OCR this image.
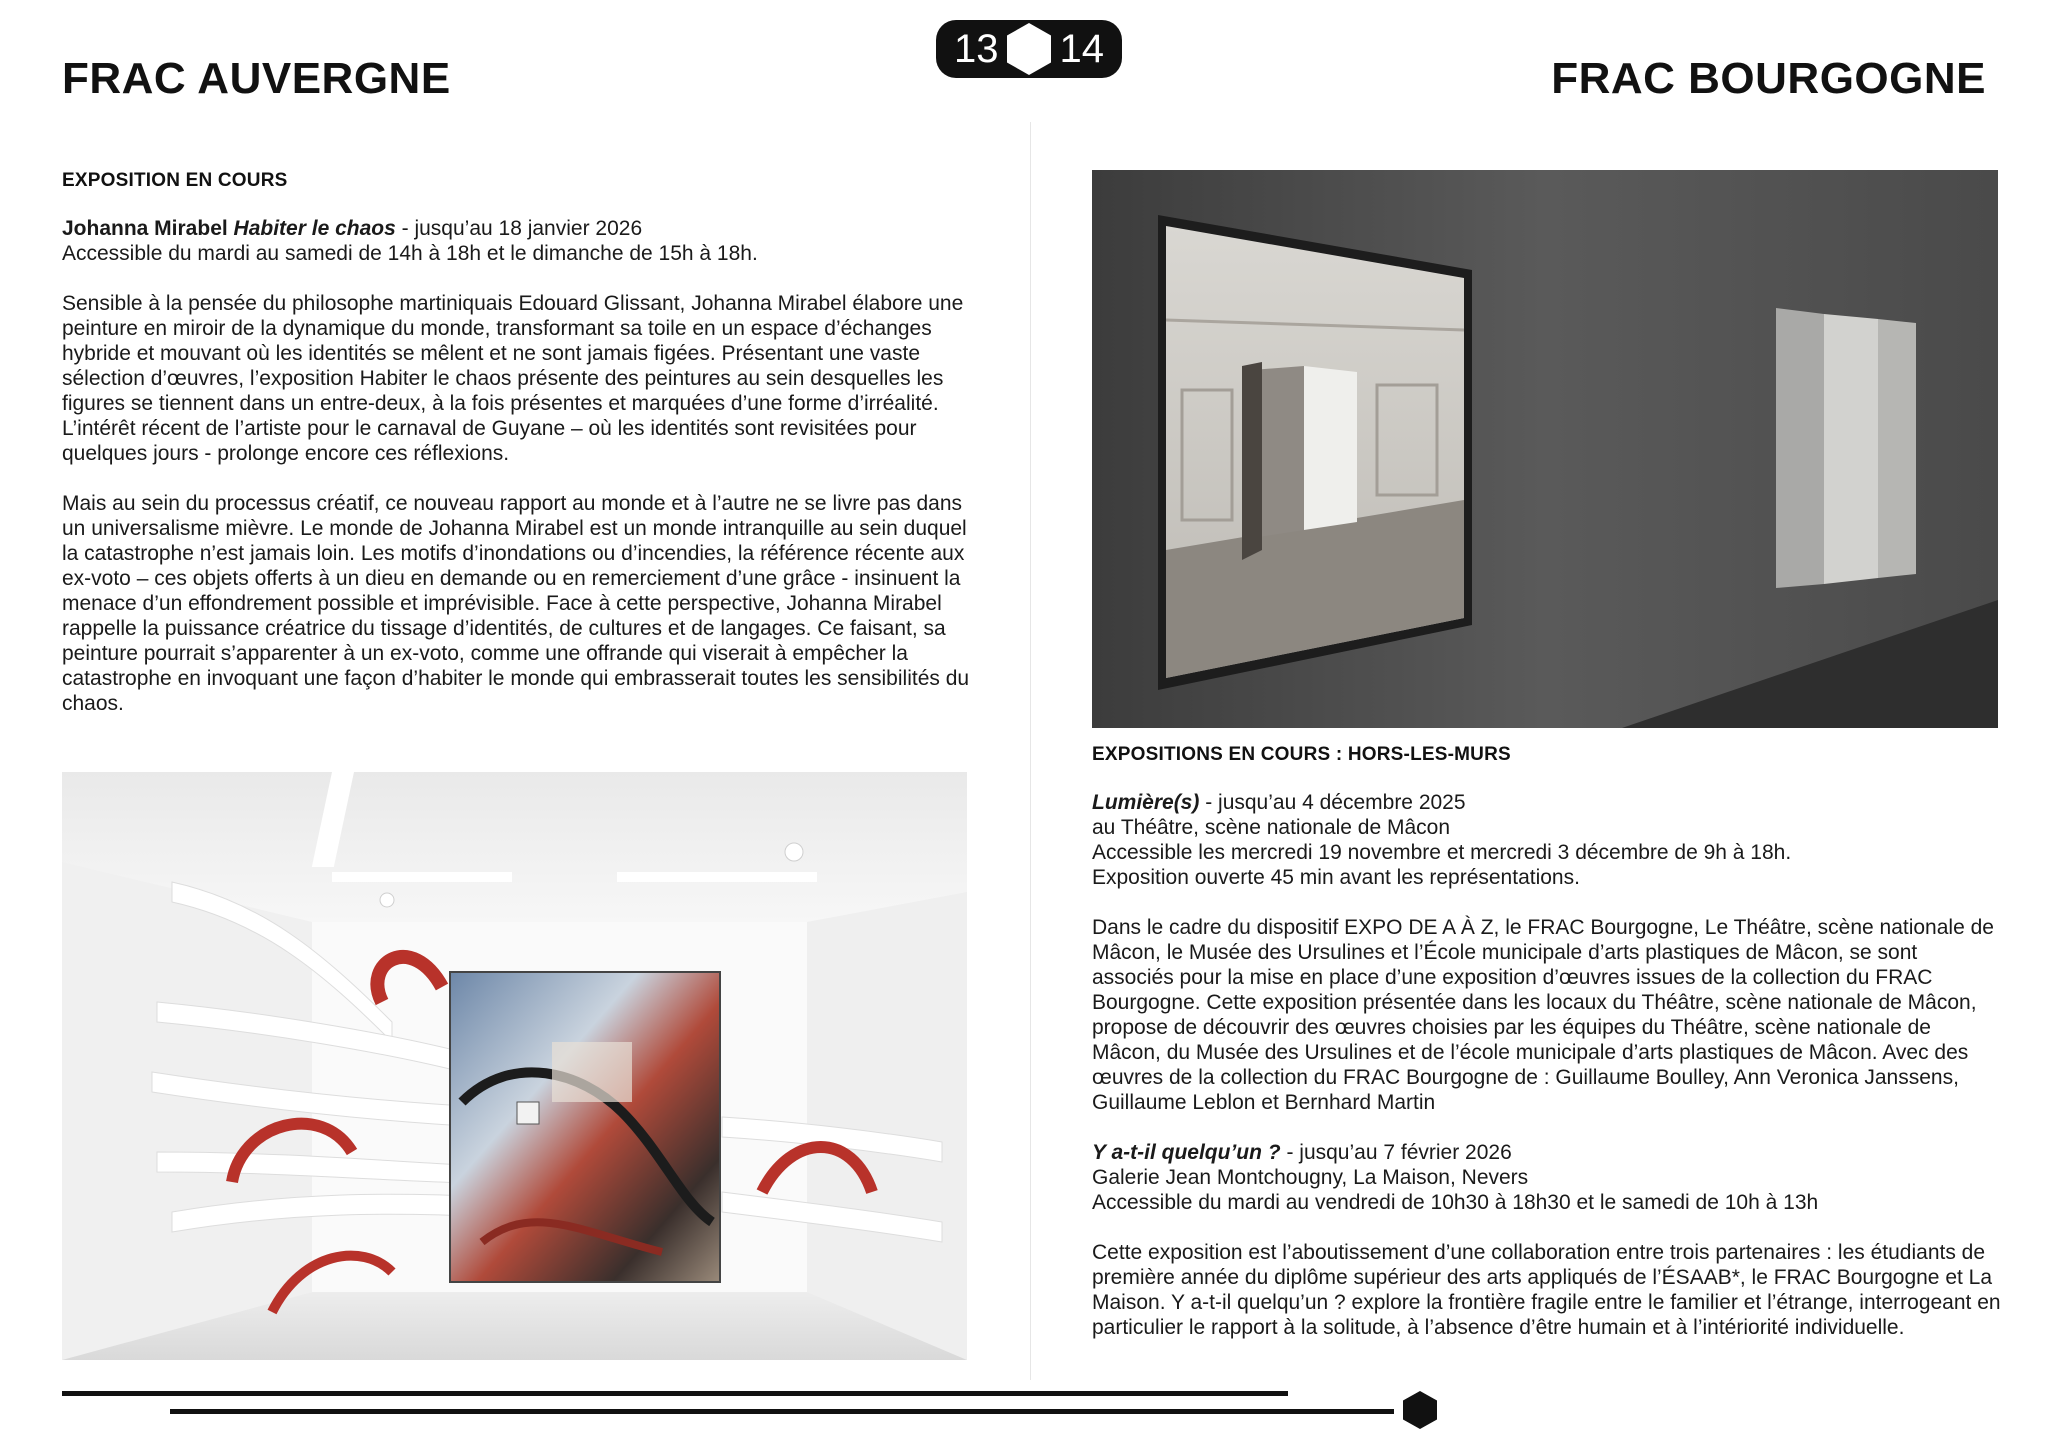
FRAC AUVERGNE
13 14
FRAC BOURGOGNE
EXPOSITION EN COURS

Johanna Mirabel Habiter le chaos - jusqu’au 18 janvier 2026
Accessible du mardi au samedi de 14h à 18h et le dimanche de 15h à 18h.

Sensible à la pensée du philosophe martiniquais Edouard Glissant, Johanna Mirabel élabore une peinture en miroir de la dynamique du monde, transformant sa toile en un espace d’échanges hybride et mouvant où les identités se mêlent et ne sont jamais figées. Présentant une vaste sélection d’œuvres, l’exposition Habiter le chaos présente des peintures au sein desquelles les figures se tiennent dans un entre-deux, à la fois présentes et marquées d’une forme d’irréalité. L’intérêt récent de l’artiste pour le carnaval de Guyane – où les identités sont revisitées pour quelques jours - prolonge encore ces réflexions.

Mais au sein du processus créatif, ce nouveau rapport au monde et à l’autre ne se livre pas dans un universalisme mièvre. Le monde de Johanna Mirabel est un monde intranquille au sein duquel la catastrophe n’est jamais loin. Les motifs d’inondations ou d’incendies, la référence récente aux ex-voto – ces objets offerts à un dieu en demande ou en remerciement d’une grâce - insinuent la menace d’un effondrement possible et imprévisible. Face à cette perspective, Johanna Mirabel rappelle la puissance créatrice du tissage d’identités, de cultures et de langages. Ce faisant, sa peinture pourrait s’apparenter à un ex-voto, comme une offrande qui viserait à empêcher la catastrophe en invoquant une façon d’habiter le monde qui embrasserait toutes les sensibilités du chaos.

EXPOSITIONS EN COURS : HORS-LES-MURS

Lumière(s) - jusqu’au 4 décembre 2025
au Théâtre, scène nationale de Mâcon
Accessible les mercredi 19 novembre et mercredi 3 décembre de 9h à 18h.
Exposition ouverte 45 min avant les représentations.

Dans le cadre du dispositif EXPO DE A À Z, le FRAC Bourgogne, Le Théâtre, scène nationale de Mâcon, le Musée des Ursulines et l’École municipale d’arts plastiques de Mâcon, se sont associés pour la mise en place d’une exposition d’œuvres issues de la collection du FRAC Bourgogne. Cette exposition présentée dans les locaux du Théâtre, scène nationale de Mâcon, propose de découvrir des œuvres choisies par les équipes du Théâtre, scène nationale de Mâcon, du Musée des Ursulines et de l’école municipale d’arts plastiques de Mâcon. Avec des œuvres de la collection du FRAC Bourgogne de : Guillaume Boulley, Ann Veronica Janssens, Guillaume Leblon et Bernhard Martin

Y a-t-il quelqu’un ? - jusqu’au 7 février 2026
Galerie Jean Montchougny, La Maison, Nevers
Accessible du mardi au vendredi de 10h30 à 18h30 et le samedi de 10h à 13h

Cette exposition est l’aboutissement d’une collaboration entre trois partenaires : les étudiants de première année du diplôme supérieur des arts appliqués de l’ÉSAAB*, le FRAC Bourgogne et La Maison. Y a-t-il quelqu’un ? explore la frontière fragile entre le familier et l’étrange, interrogeant en particulier le rapport à la solitude, à l’absence d’être humain et à l’intériorité individuelle.
